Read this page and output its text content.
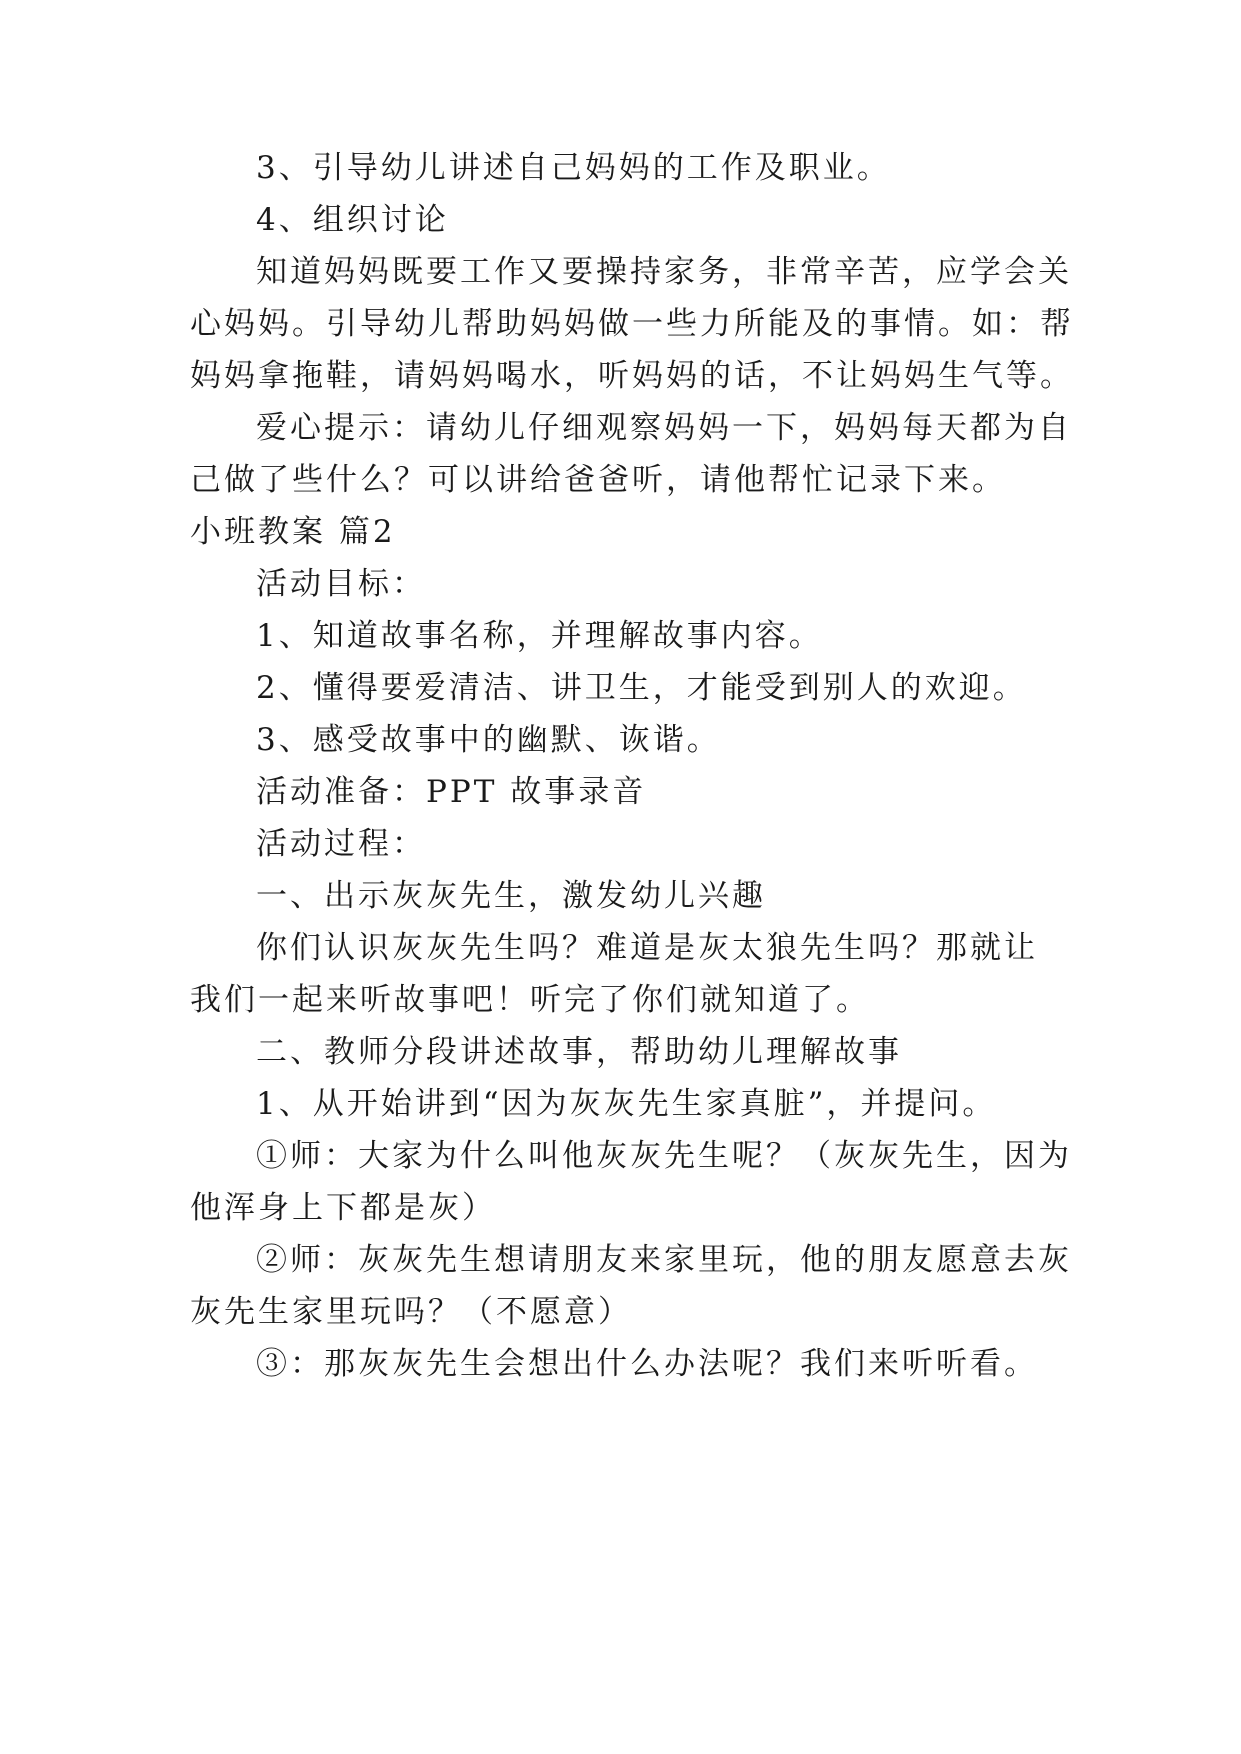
3、引导幼儿讲述自己妈妈的工作及职业。
4、组织讨论
知道妈妈既要工作又要操持家务，非常辛苦，应学会关
心妈妈。引导幼儿帮助妈妈做一些力所能及的事情。如：帮
妈妈拿拖鞋，请妈妈喝水，听妈妈的话，不让妈妈生气等。
爱心提示：请幼儿仔细观察妈妈一下，妈妈每天都为自
己做了些什么？可以讲给爸爸听，请他帮忙记录下来。
小班教案 篇2
活动目标：
1、知道故事名称，并理解故事内容。
2、懂得要爱清洁、讲卫生，才能受到别人的欢迎。
3、感受故事中的幽默、诙谐。
活动准备：PPT 故事录音
活动过程：
一、出示灰灰先生，激发幼儿兴趣
你们认识灰灰先生吗？难道是灰太狼先生吗？那就让
我们一起来听故事吧！听完了你们就知道了。
二、教师分段讲述故事，帮助幼儿理解故事
1、从开始讲到“因为灰灰先生家真脏”，并提问。
①师：大家为什么叫他灰灰先生呢？（灰灰先生，因为
他浑身上下都是灰）
②师：灰灰先生想请朋友来家里玩，他的朋友愿意去灰
灰先生家里玩吗？（不愿意）
③：那灰灰先生会想出什么办法呢？我们来听听看。
